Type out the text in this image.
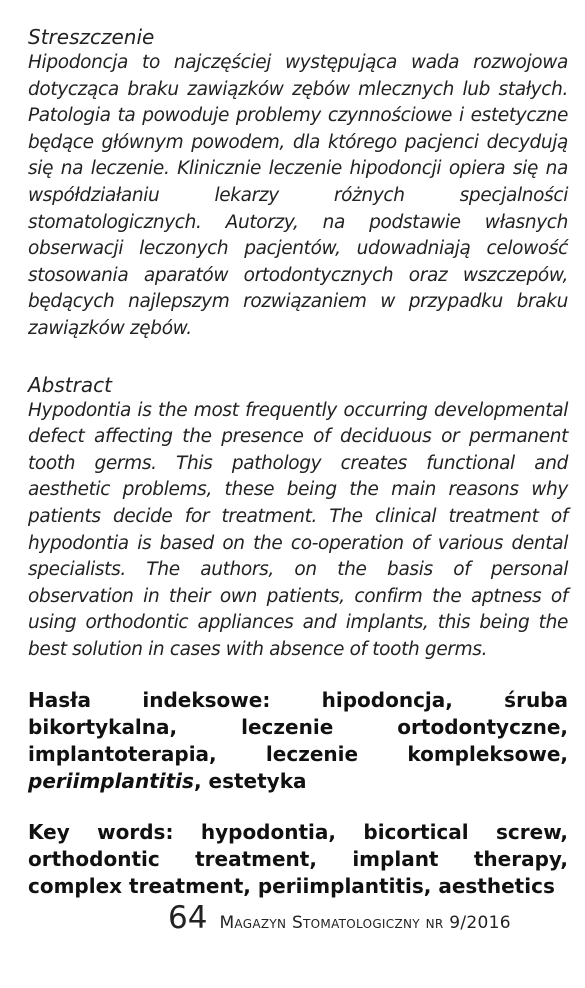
Streszczenie

Hipodoncja to najczęściej występująca wada rozwojowa dotycząca braku zawiązków zębów mlecznych lub stałych. Patologia ta powoduje problemy czynnościowe i estetyczne będące głównym powodem, dla którego pacjenci decydują się na leczenie. Klinicznie leczenie hipodoncji opiera się na współdziałaniu lekarzy różnych specjalności stomatologicznych. Autorzy, na podstawie własnych obserwacji leczonych pacjentów, udowadniają celowość stosowania aparatów ortodontycznych oraz wszczepów, będących najlepszym rozwiązaniem w przypadku braku zawiązków zębów.

Abstract

Hypodontia is the most frequently occurring developmental defect affecting the presence of deciduous or permanent tooth germs. This pathology creates functional and aesthetic problems, these being the main reasons why patients decide for treatment. The clinical treatment of hypodontia is based on the co-operation of various dental specialists. The authors, on the basis of personal observation in their own patients, confirm the aptness of using orthodontic appliances and implants, this being the best solution in cases with absence of tooth germs.

Hasła indeksowe: hipodoncja, śruba bikortykalna, leczenie ortodontyczne, implantoterapia, leczenie kompleksowe, periimplantitis, estetyka

Key words: hypodontia, bicortical screw, orthodontic treatment, implant therapy, complex treatment, periimplantitis, aesthetics

64 Magazyn Stomatologiczny nr 9/2016
